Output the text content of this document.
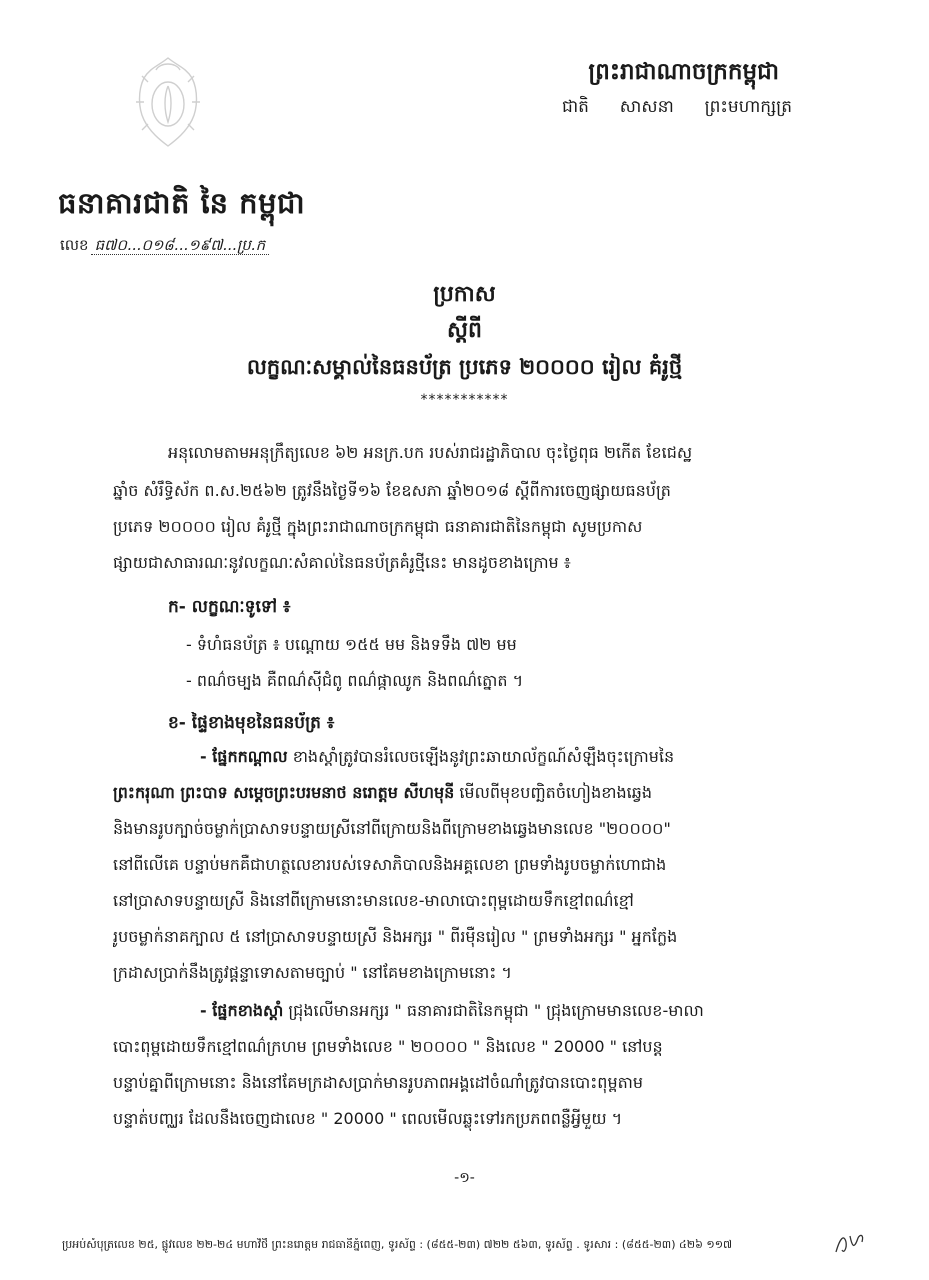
ព្រះរាជាណាចក្រកម្ពុជា
ជាតិ សាសនា ព្រះមហាក្សត្រ
ធនាគារជាតិ នៃ កម្ពុជា
លេខ ធ៧០...០១៨...១៩៧...ប្រ.ក
ប្រកាស
ស្តីពី
លក្ខណៈសម្គាល់នៃធនប័ត្រ ប្រភេទ ២០០០០ រៀល គំរូថ្មី
***********
អនុលោមតាមអនុក្រឹត្យលេខ ៦២ អនក្រ.បក របស់រាជរដ្ឋាភិបាល ចុះថ្ងៃពុធ ២កើត ខែជេស្ឋ
ឆ្នាំច សំរឹទ្ធិស័ក ព.ស.២៥៦២ ត្រូវនឹងថ្ងៃទី១៦ ខែឧសភា ឆ្នាំ២០១៨ ស្តីពីការចេញផ្សាយធនប័ត្រ
ប្រភេទ ២០០០០ រៀល គំរូថ្មី ក្នុងព្រះរាជាណាចក្រកម្ពុជា ធនាគារជាតិនៃកម្ពុជា សូមប្រកាស
ផ្សាយជាសាធារណៈនូវលក្ខណៈសំគាល់នៃធនប័ត្រគំរូថ្មីនេះ មានដូចខាងក្រោម ៖
ក- លក្ខណៈទូទៅ ៖
- ទំហំធនប័ត្រ ៖ បណ្តោយ ១៥៥ មម និងទទឹង ៧២ មម
- ពណ៌ចម្បង គឺពណ៌ស៊ីជំពូ ពណ៌ផ្កាឈូក និងពណ៌ត្នោត ។
ខ- ផ្ទៃខាងមុខនៃធនប័ត្រ ៖
- ផ្នែកកណ្តាល ខាងស្តាំត្រូវបានរំលេចឡើងនូវព្រះឆាយាល័ក្ខណ៍សំឡឹងចុះក្រោមនៃ
ព្រះករុណា ព្រះបាទ សម្តេចព្រះបរមនាថ នរោត្តម សីហមុនី មើលពីមុខបញ្ឆិតចំហៀងខាងឆ្វេង
និងមានរូបក្បាច់ចម្លាក់ប្រាសាទបន្ទាយស្រីនៅពីក្រោយនិងពីក្រោមខាងឆ្វេងមានលេខ "២០០០០"
នៅពីលើគេ បន្ទាប់មកគឺជាហត្ថលេខារបស់ទេសាភិបាលនិងអគ្គលេខា ព្រមទាំងរូបចម្លាក់ហោជាង
នៅប្រាសាទបន្ទាយស្រី និងនៅពីក្រោមនោះមានលេខ-មាលាបោះពុម្ពដោយទឹកខ្មៅពណ៌ខ្មៅ
រូបចម្លាក់នាគក្បាល ៥ នៅប្រាសាទបន្ទាយស្រី និងអក្សរ " ពីរម៉ឺនរៀល " ព្រមទាំងអក្សរ " អ្នកក្លែង
ក្រដាសប្រាក់នឹងត្រូវផ្តន្ទាទោសតាមច្បាប់ " នៅគែមខាងក្រោមនោះ ។
- ផ្នែកខាងស្តាំ ជ្រុងលើមានអក្សរ " ធនាគារជាតិនៃកម្ពុជា " ជ្រុងក្រោមមានលេខ-មាលា
បោះពុម្ពដោយទឹកខ្មៅពណ៌ក្រហម ព្រមទាំងលេខ " ២០០០០ " និងលេខ " 20000 " នៅបន្ត
បន្ទាប់គ្នាពីក្រោមនោះ និងនៅគែមក្រដាសប្រាក់មានរូបភាពអង្គដៅចំណាំត្រូវបានបោះពុម្ពតាម
បន្ទាត់បញ្ឈរ ដែលនឹងចេញជាលេខ " 20000 " ពេលមើលឆ្លុះទៅរកប្រភពពន្លឺអ្វីមួយ ។
-១-
ប្រអប់សំបុត្រលេខ ២៥, ផ្លូវលេខ ២២-២៤ មហាវិថី ព្រះនរោត្តម រាជធានីភ្នំពេញ, ទូរស័ព្ទ : (៨៥៥-២៣) ៧២២ ៥៦៣, ទូរស័ព្ទ . ទូរសារ : (៨៥៥-២៣) ៤២៦ ១១៧
